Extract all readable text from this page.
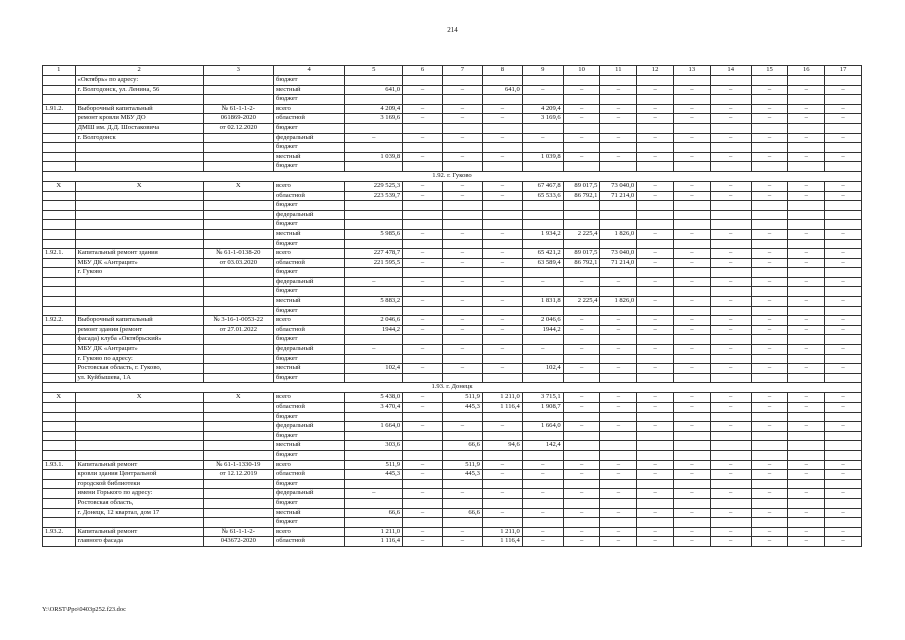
214
1	2	3	4	5	6	7	8	9	10	11	12	13	14	15	16	17
	«Октябрь» по адресу:		бюджет													
	г. Волгодонск, ул. Ленина, 56		местный	641,0	–	–	641,0	–	–	–	–	–	–	–	–	–
			бюджет													
1.91.2.	Выборочный капитальный	№ 61-1-1-2-	всего	4 209,4	–	–	–	4 209,4	–	–	–	–	–	–	–	–
	ремонт кровли МБУ ДО	061869-2020	областной	3 169,6	–	–	–	3 169,6	–	–	–	–	–	–	–	–
	ДМШ им. Д.Д. Шостаковича	от 02.12.2020	бюджет													
	г. Волгодонск		федеральный	–	–	–	–	–	–	–	–	–	–	–	–	–
			бюджет													
			местный	1 039,8	–	–	–	1 039,8	–	–	–	–	–	–	–	–
			бюджет													
1.92. г. Гуково																
X	X	X	всего	229 525,3	–	–	–	67 467,8	89 017,5	73 040,0	–	–	–	–	–	–
			областной	223 539,7	–	–	–	65 533,6	86 792,1	71 214,0	–	–	–	–	–	–
			бюджет													
			федеральный													
			бюджет													
			местный	5 985,6	–	–	–	1 934,2	2 225,4	1 826,0	–	–	–	–	–	–
			бюджет													
1.92.1.	Капитальный ремонт здания	№ 61-1-0138-20	всего	227 478,7	–	–	–	65 421,2	89 017,5	73 040,0	–	–	–	–	–	–
	МБУ ДК «Антрацит»	от 03.03.2020	областной	221 595,5	–	–	–	63 589,4	86 792,1	71 214,0	–	–	–	–	–	–
	г. Гуково		бюджет													
			федеральный	–	–	–	–	–	–	–	–	–	–	–	–	–
			бюджет													
			местный	5 883,2	–	–	–	1 831,8	2 225,4	1 826,0	–	–	–	–	–	–
			бюджет													
1.92.2.	Выборочный капитальный	№ 3-16-1-0053-22	всего	2 046,6	–	–	–	2 046,6	–	–	–	–	–	–	–	–
	ремонт здания (ремонт	от 27.01.2022	областной	1944,2	–	–	–	1944,2	–	–	–	–	–	–	–	–
	фасада) клуба «Октябрьский»		бюджет													
	МБУ ДК «Антрацит»		федеральный	–	–	–	–	–	–	–	–	–	–	–	–	–
	г. Гуково по адресу:		бюджет													
	Ростовская область, г. Гуково,		местный	102,4	–	–	–	102,4	–	–	–	–	–	–	–	–
	ул. Куйбышева, 1А		бюджет													
1.93. г. Донецк																
X	X	X	всего	5 438,0	–	511,9	1 211,0	3 715,1	–	–	–	–	–	–	–	–
			областной	3 470,4	–	445,3	1 116,4	1 908,7	–	–	–	–	–	–	–	–
			бюджет													
			федеральный	1 664,0	–	–	–	1 664,0	–	–	–	–	–	–	–	–
			бюджет													
			местный	303,6		66,6	94,6	142,4								
			бюджет													
1.93.1.	Капитальный ремонт	№ 61-1-1330-19	всего	511,9	–	511,9	–	–	–	–	–	–	–	–	–	–
	кровли здания Центральной	от 12.12.2019	областной	445,3	–	445,3	–	–	–	–	–	–	–	–	–	–
	городской библиотеки		бюджет													
	имени Горького по адресу:		федеральный	–	–	–	–	–	–	–	–	–	–	–	–	–
	Ростовская область,		бюджет													
	г. Донецк, 12 квартал, дом 17		местный	66,6	–	66,6	–	–	–	–	–	–	–	–	–	–
			бюджет													
1.93.2.	Капитальный ремонт	№ 61-1-1-2-	всего	1 211,0	–	–	1 211,0	–	–	–	–	–	–	–	–	–
	главного фасада	043672-2020	областной	1 116,4	–	–	1 116,4	–	–	–	–	–	–	–	–	–
Y:\ORST\Ppo\0403p252.f23.doc
